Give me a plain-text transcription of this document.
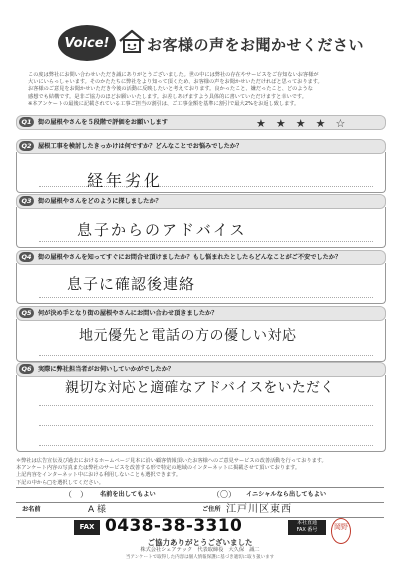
Voice!	お客様の声をお聞かせください
この度は弊社にお問い合わせいただき誠にありがとうございました。世の中には弊社の存在やサービスをご存知ないお客様が
大いにいらっしゃいます。そのかたたちに弊社をより知って頂くため、お客様の声をお聞かせいただければと思っております。
お客様のご意見をお聞かせいただき今後の活動に反映したいと考えております。良かったこと、嫌だったこと、どのような
感想でも結構です。是非ご協力のほどお願いいたします。お差しあげますよう具体的に書いていただけますと幸いです。
※本アンケートの最後に記載されている工事ご担当の割引は、ご工事金額を基準に割引で最大2%をお返し致します。
Q1	街の屋根やさんを５段階で評価をお願いします	★★★★☆
Q2	屋根工事を検討したきっかけは何ですか？どんなことでお悩みでしたか？
経年劣化
Q3	街の屋根やさんをどのように探しましたか？
息子からのアドバイス
Q4	街の屋根やさんを知ってすぐにお問合せ頂けましたか？もし悩まれたとしたらどんなことがご不安でしたか？
息子に確認後連絡
Q5	何が決め手となり街の屋根やさんにお問い合わせ頂きましたか？
地元優先と電話の方の優しい対応
Q6	実際に弊社担当者がお伺いしていかがでしたか？
親切な対応と適確なアドバイスをいただく
＊弊社は広告宣伝及び過去におけるホームページ見本に沿い顧客情報頂いたお客様へのご意見サービスの改善活動を行っております。
本アンケート内容の写真または弊社のサービスを改善する形で特定の地域のインターネットに掲載させて頂いております。
上記内容をインターネット中における利用しないことも選択できます。
下記の中から□を選択してください。
（　） 名前を出してもよい	（〇） イニシャルなら出してもよい
お名前	A 様	ご住所 江戸川区東西
FAX 0438-38-3310	本社直通
FAX 番号	岡野
ご協力ありがとうございました
株式会社シェアテック　代表取締役　大久保　誠二
当アンケートで取得した内容は個人情報保護に基づき適切に取り扱います
